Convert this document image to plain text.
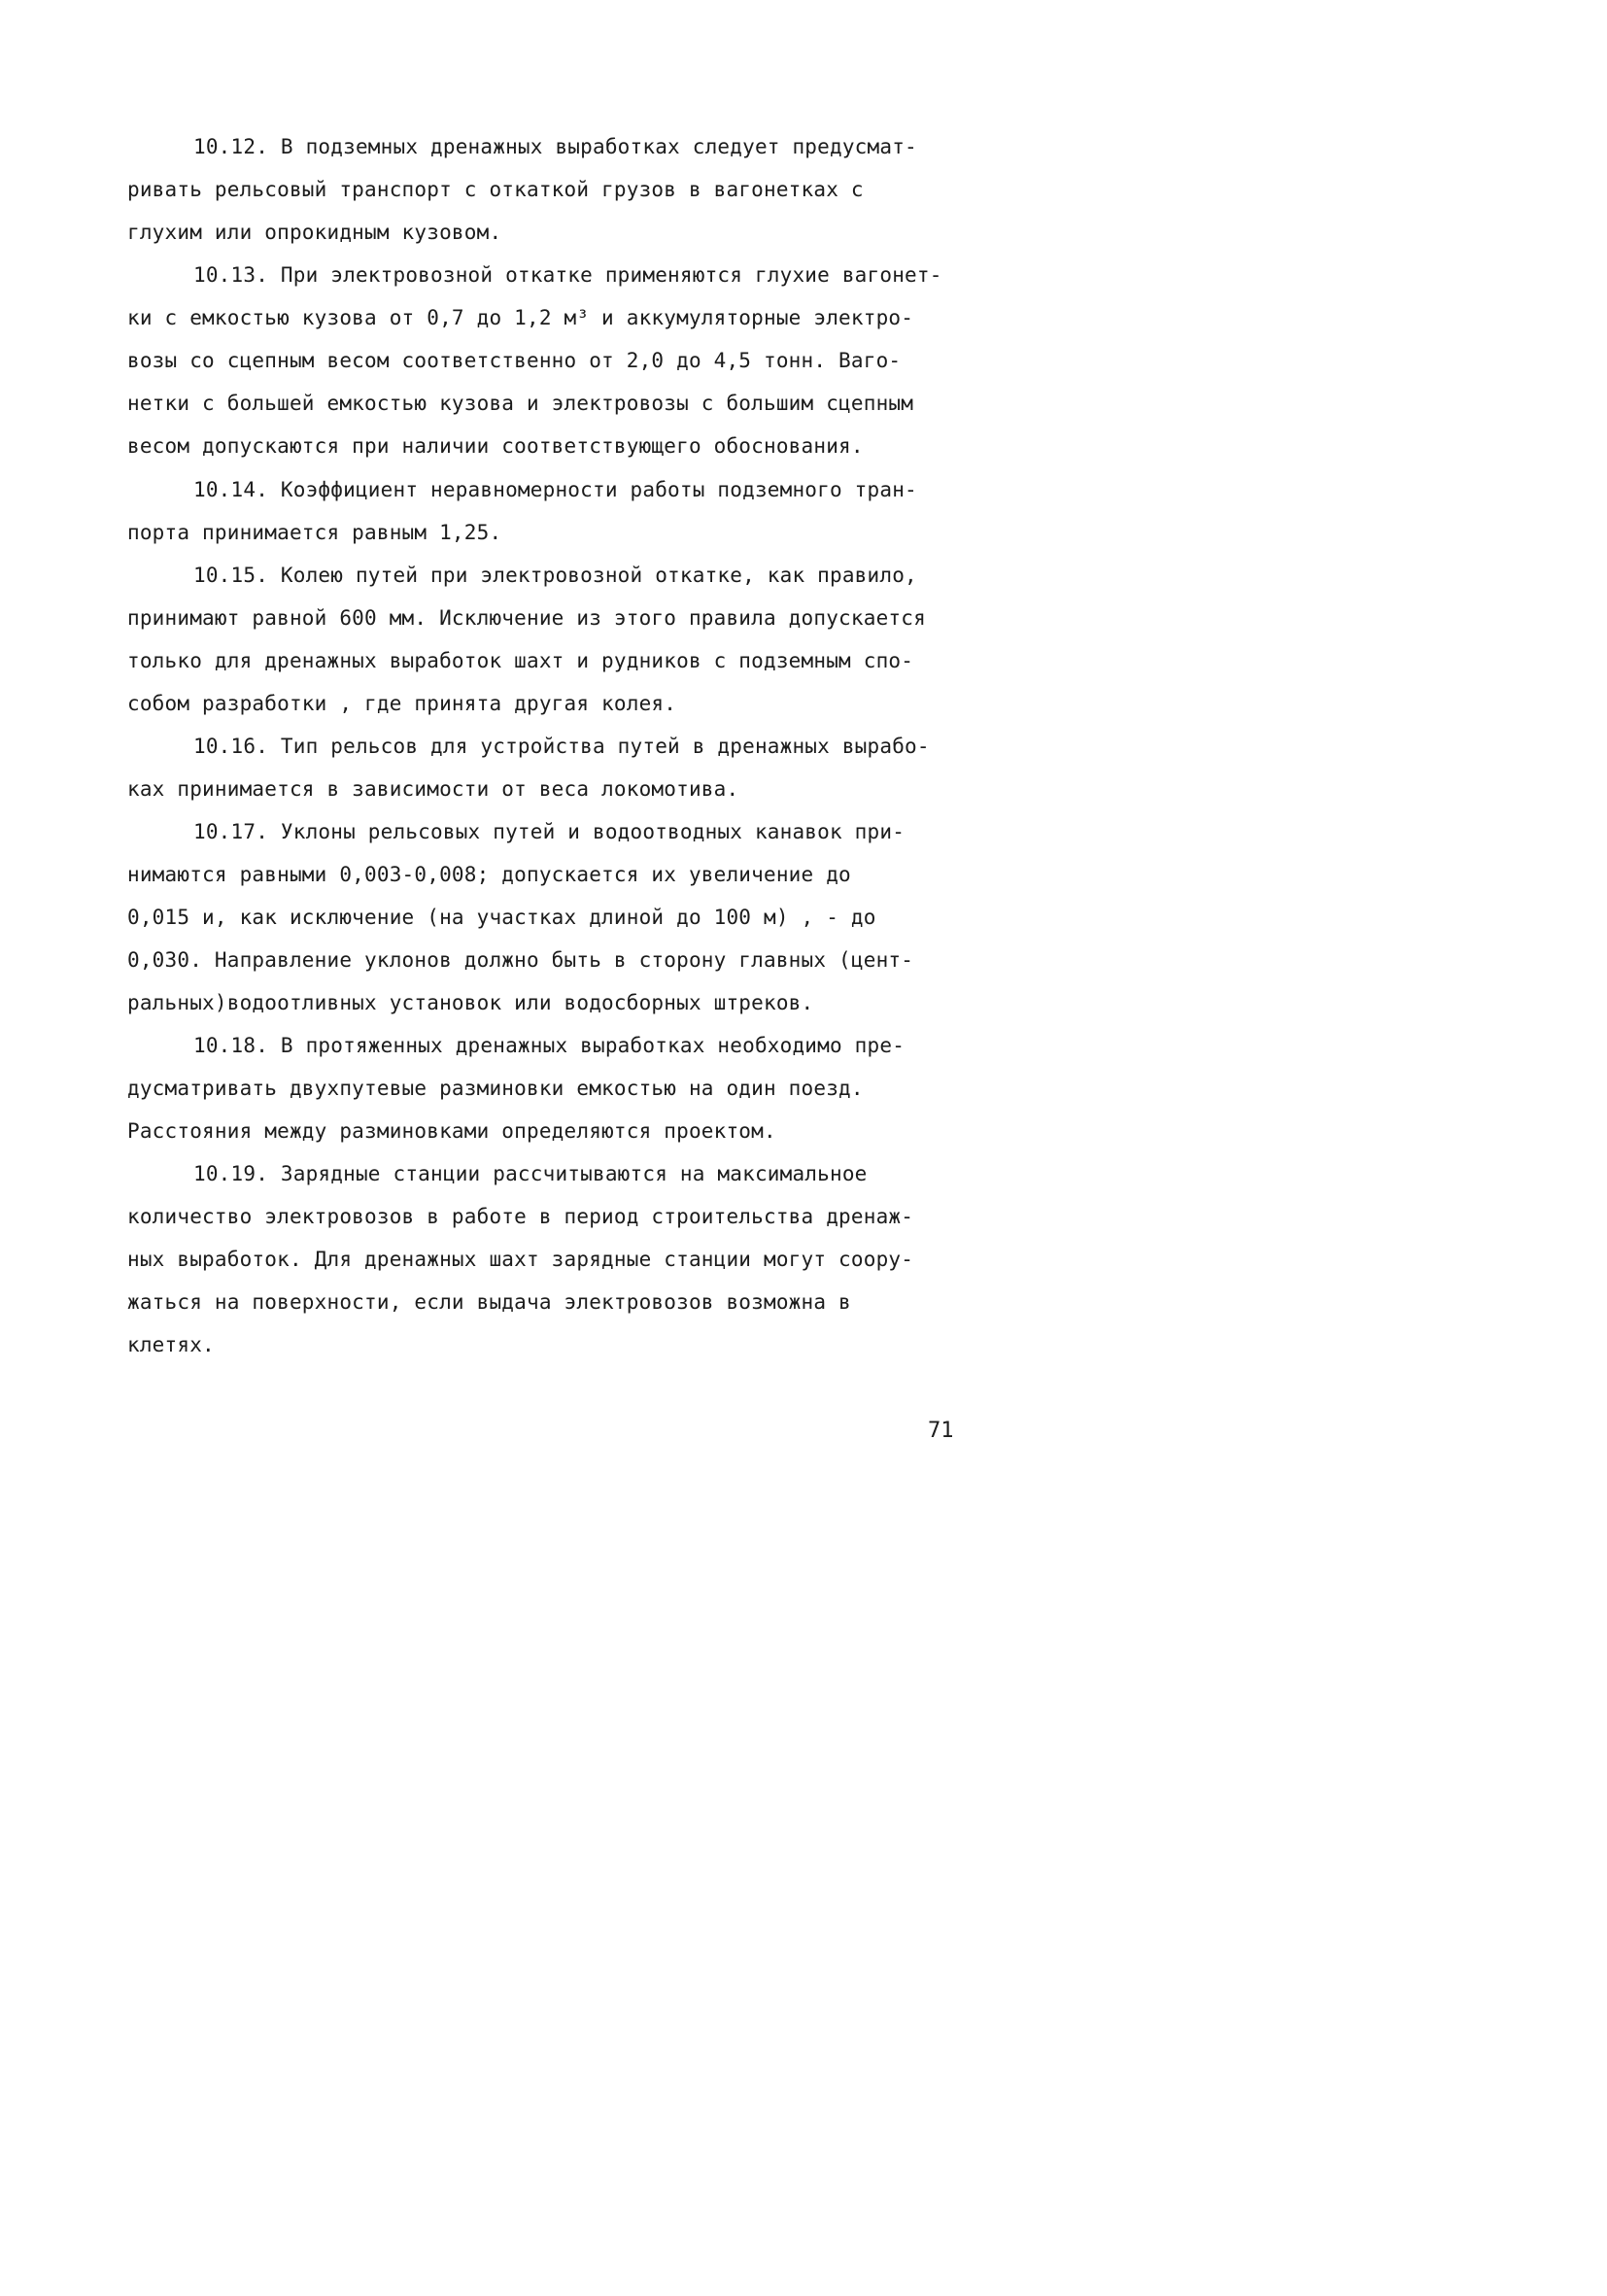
10.12. В подземных дренажных выработках следует предусмат-
ривать рельсовый транспорт с откаткой грузов в вагонетках с
глухим или опрокидным кузовом.
10.13. При электровозной откатке применяются глухие вагонет-
ки с емкостью кузова от 0,7 до 1,2 м³ и аккумуляторные электро-
возы со сцепным весом соответственно от 2,0 до 4,5 тонн. Ваго-
нетки с большей емкостью кузова и электровозы с большим сцепным
весом допускаются при наличии соответствующего обоснования.
10.14. Коэффициент неравномерности работы подземного тран-
порта принимается равным 1,25.
10.15. Колею путей при электровозной откатке, как правило,
принимают равной 600 мм. Исключение из этого правила допускается
только для дренажных выработок шахт и рудников с подземным спо-
собом разработки , где принята другая колея.
10.16. Тип рельсов для устройства путей в дренажных вырабо-
ках принимается в зависимости от веса локомотива.
10.17. Уклоны рельсовых путей и водоотводных канавок при-
нимаются равными 0,003-0,008; допускается их увеличение до
0,015 и, как исключение (на участках длиной до 100 м) , - до
0,030. Направление уклонов должно быть в сторону главных (цент-
ральных)водоотливных установок или водосборных штреков.
10.18. В протяженных дренажных выработках необходимо пре-
дусматривать двухпутевые разминовки емкостью на один поезд.
Расстояния между разминовками определяются проектом.
10.19. Зарядные станции рассчитываются на максимальное
количество электровозов в работе в период строительства дренаж-
ных выработок. Для дренажных шахт зарядные станции могут соору-
жаться на поверхности, если выдача электровозов возможна в
клетях.
71
